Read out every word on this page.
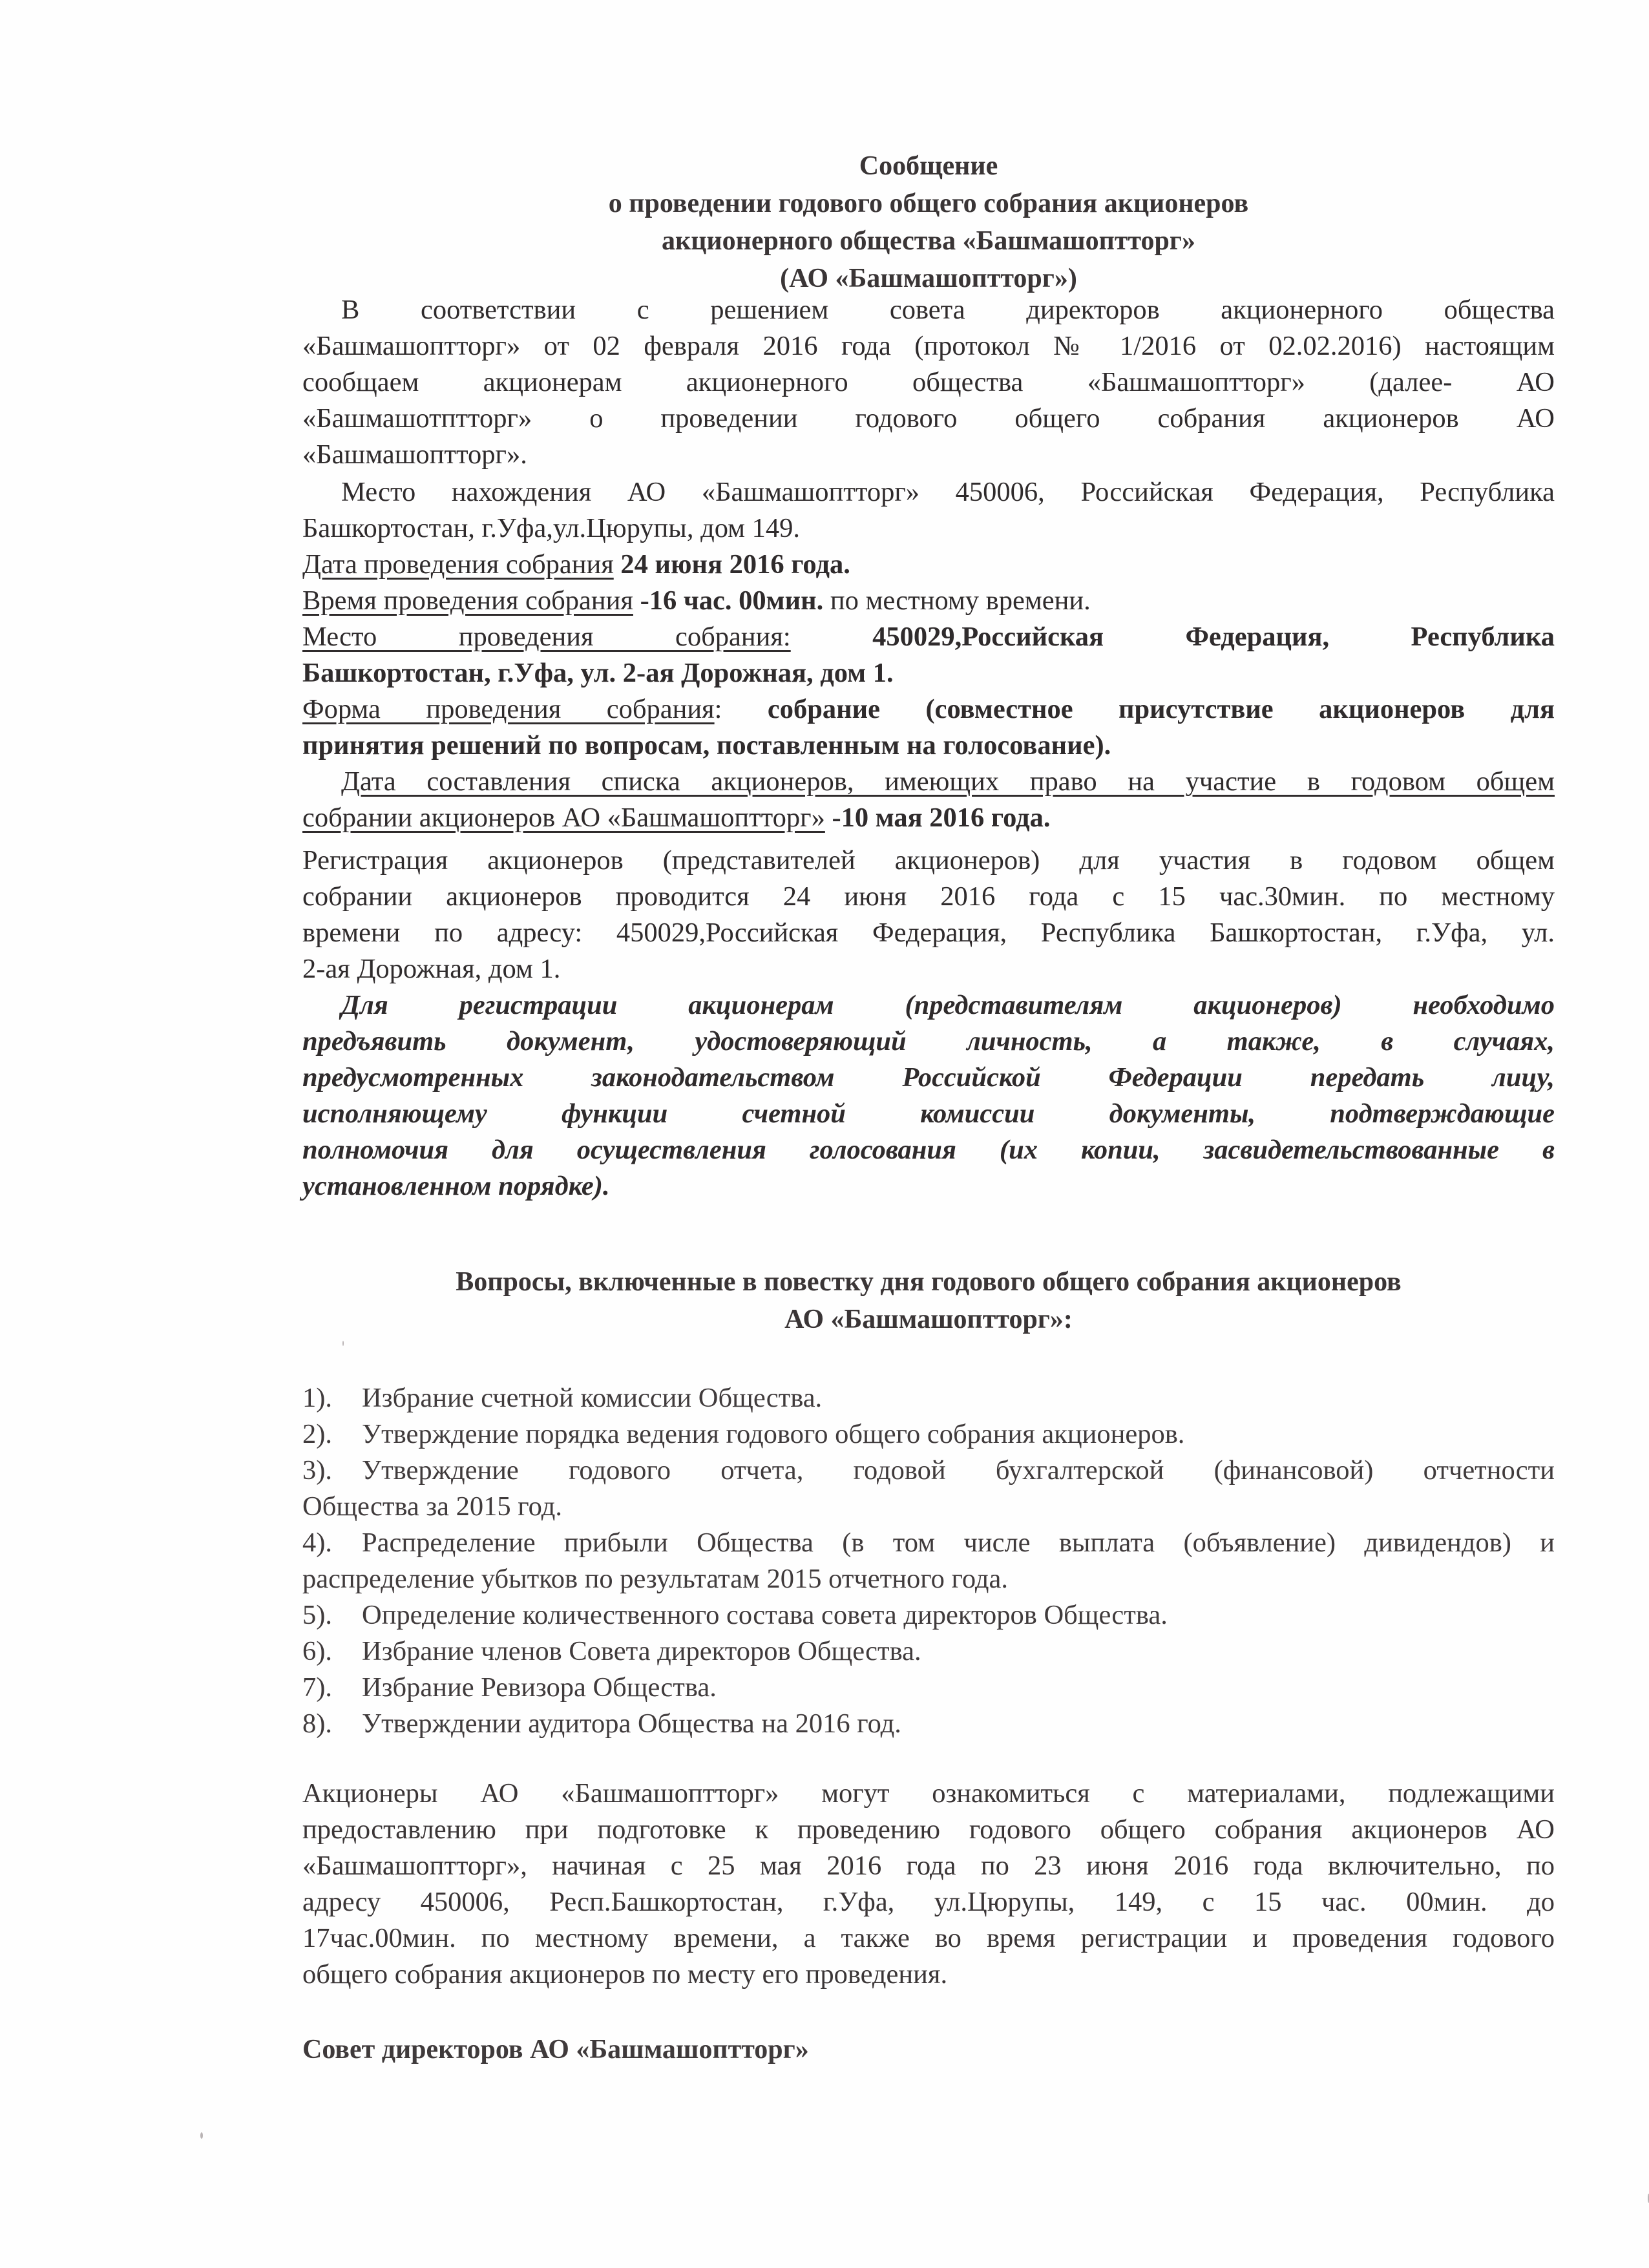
Сообщение
о проведении годового общего собрания акционеров
акционерного общества «Башмашоптторг»
(АО «Башмашоптторг»)
В соответствии с решением совета директоров акционерного общества
«Башмашоптторг» от 02 февраля 2016 года (протокол № 1/2016 от 02.02.2016) настоящим
сообщаем акционерам акционерного общества «Башмашоптторг» (далее- АО
«Башмашотптторг» о проведении годового общего собрания акционеров АО
«Башмашоптторг».
Место нахождения АО «Башмашоптторг» 450006, Российская Федерация, Республика
Башкортостан, г.Уфа,ул.Цюрупы, дом 149.
Дата проведения собрания 24 июня 2016 года.
Время проведения собрания -16 час. 00мин. по местному времени.
Место проведения собрания:	450029,Российская Федерация, Республика
Башкортостан, г.Уфа, ул. 2-ая Дорожная, дом 1.
Форма проведения собрания: собрание (совместное присутствие акционеров для
принятия решений по вопросам, поставленным на голосование).
Дата составления списка акционеров, имеющих право на участие в годовом общем
собрании акционеров АО «Башмашоптторг» -10 мая 2016 года.
Регистрация акционеров (представителей акционеров) для участия в годовом общем
собрании акционеров проводится 24 июня 2016 года с 15 час.30мин. по местному
времени по адресу: 450029,Российская Федерация, Республика Башкортостан, г.Уфа, ул.
2-ая Дорожная, дом 1.
Для регистрации акционерам (представителям акционеров) необходимо
предъявить документ, удостоверяющий личность, а также, в случаях,
предусмотренных законодательством Российской Федерации передать лицу,
исполняющему функции счетной комиссии документы, подтверждающие
полномочия для осуществления голосования (их копии, засвидетельствованные в
установленном порядке).
Вопросы, включенные в повестку дня годового общего собрания акционеров
АО «Башмашоптторг»:
1). Избрание счетной комиссии Общества.
2). Утверждение порядка ведения годового общего собрания акционеров.
3). Утверждение годового отчета, годовой бухгалтерской (финансовой) отчетности
Общества за 2015 год.
4). Распределение прибыли Общества (в том числе выплата (объявление) дивидендов) и
распределение убытков по результатам 2015 отчетного года.
5). Определение количественного состава совета директоров Общества.
6). Избрание членов Совета директоров Общества.
7). Избрание Ревизора Общества.
8). Утверждении аудитора Общества на 2016 год.
Акционеры АО «Башмашоптторг» могут ознакомиться с материалами, подлежащими
предоставлению при подготовке к проведению годового общего собрания акционеров АО
«Башмашоптторг», начиная с 25 мая 2016 года по 23 июня 2016 года включительно, по
адресу 450006, Респ.Башкортостан, г.Уфа, ул.Цюрупы, 149, с 15 час. 00мин. до
17час.00мин. по местному времени, а также во время регистрации и проведения годового
общего собрания акционеров по месту его проведения.
Совет директоров АО «Башмашоптторг»
